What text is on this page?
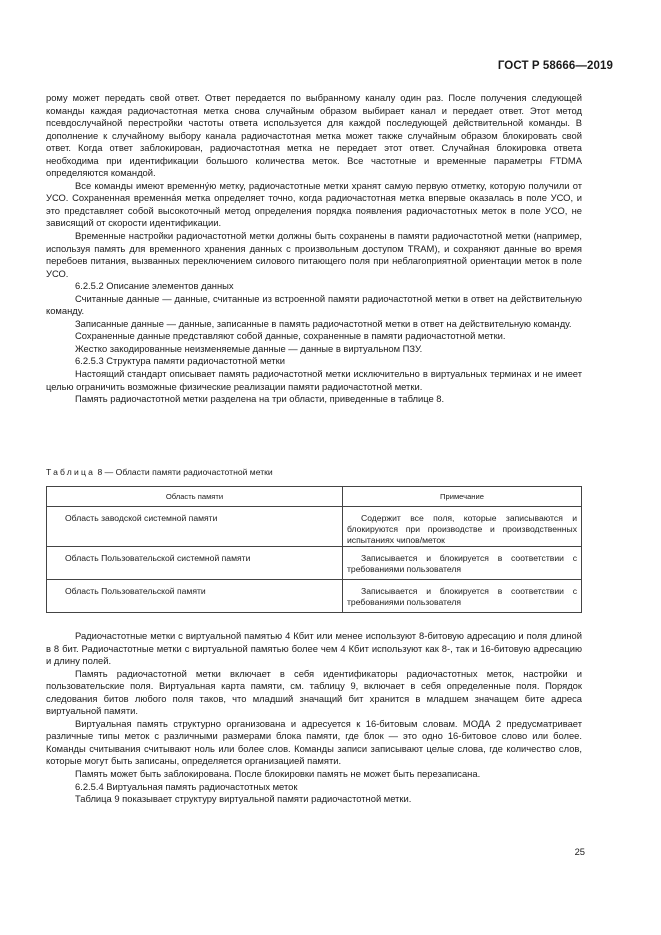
ГОСТ Р 58666—2019

рому может передать свой ответ. Ответ передается по выбранному каналу один раз. После получения следующей команды каждая радиочастотная метка снова случайным образом выбирает канал и передает ответ. Этот метод псевдослучайной перестройки частоты ответа используется для каждой последующей действительной команды. В дополнение к случайному выбору канала радиочастотная метка может также случайным образом блокировать свой ответ. Когда ответ заблокирован, радиочастотная метка не передает этот ответ. Случайная блокировка ответа необходима при идентификации большого количества меток. Все частотные и временные параметры FTDMA определяются командой.

Все команды имеют временну́ю метку, радиочастотные метки хранят самую первую отметку, которую получили от УСО. Сохраненная временна́я метка определяет точно, когда радиочастотная метка впервые оказалась в поле УСО, и это представляет собой высокоточный метод определения порядка появления радиочастотных меток в поле УСО, не зависящий от скорости идентификации.

Временные настройки радиочастотной метки должны быть сохранены в памяти радиочастотной метки (например, используя память для временного хранения данных с произвольным доступом TRAM), и сохраняют данные во время перебоев питания, вызванных переключением силового питающего поля при неблагоприятной ориентации меток в поле УСО.

6.2.5.2 Описание элементов данных

Считанные данные — данные, считанные из встроенной памяти радиочастотной метки в ответ на действительную команду.

Записанные данные — данные, записанные в память радиочастотной метки в ответ на действительную команду.

Сохраненные данные представляют собой данные, сохраненные в памяти радиочастотной метки.

Жестко закодированные неизменяемые данные — данные в виртуальном ПЗУ.

6.2.5.3 Структура памяти радиочастотной метки

Настоящий стандарт описывает память радиочастотной метки исключительно в виртуальных терминах и не имеет целью ограничить возможные физические реализации памяти радиочастотной метки.

Память радиочастотной метки разделена на три области, приведенные в таблице 8.

Таблица 8 — Области памяти радиочастотной метки
Область памяти	Примечание
Область заводской системной памяти	Содержит все поля, которые записываются и блокируются при производстве и производственных испытаниях чипов/меток
Область Пользовательской системной памяти	Записывается и блокируется в соответствии с требованиями пользователя
Область Пользовательской памяти	Записывается и блокируется в соответствии с требованиями пользователя

Радиочастотные метки с виртуальной памятью 4 Кбит или менее используют 8-битовую адресацию и поля длиной в 8 бит. Радиочастотные метки с виртуальной памятью более чем 4 Кбит используют как 8-, так и 16-битовую адресацию и длину полей.

Память радиочастотной метки включает в себя идентификаторы радиочастотных меток, настройки и пользовательские поля. Виртуальная карта памяти, см. таблицу 9, включает в себя определенные поля. Порядок следования битов любого поля таков, что младший значащий бит хранится в младшем значащем бите адреса виртуальной памяти.

Виртуальная память структурно организована и адресуется к 16-битовым словам. МОДА 2 предусматривает различные типы меток с различными размерами блока памяти, где блок — это одно 16-битовое слово или более. Команды считывания считывают ноль или более слов. Команды записи записывают целые слова, где количество слов, которые могут быть записаны, определяется организацией памяти.

Память может быть заблокирована. После блокировки память не может быть перезаписана.

6.2.5.4 Виртуальная память радиочастотных меток

Таблица 9 показывает структуру виртуальной памяти радиочастотной метки.

25
